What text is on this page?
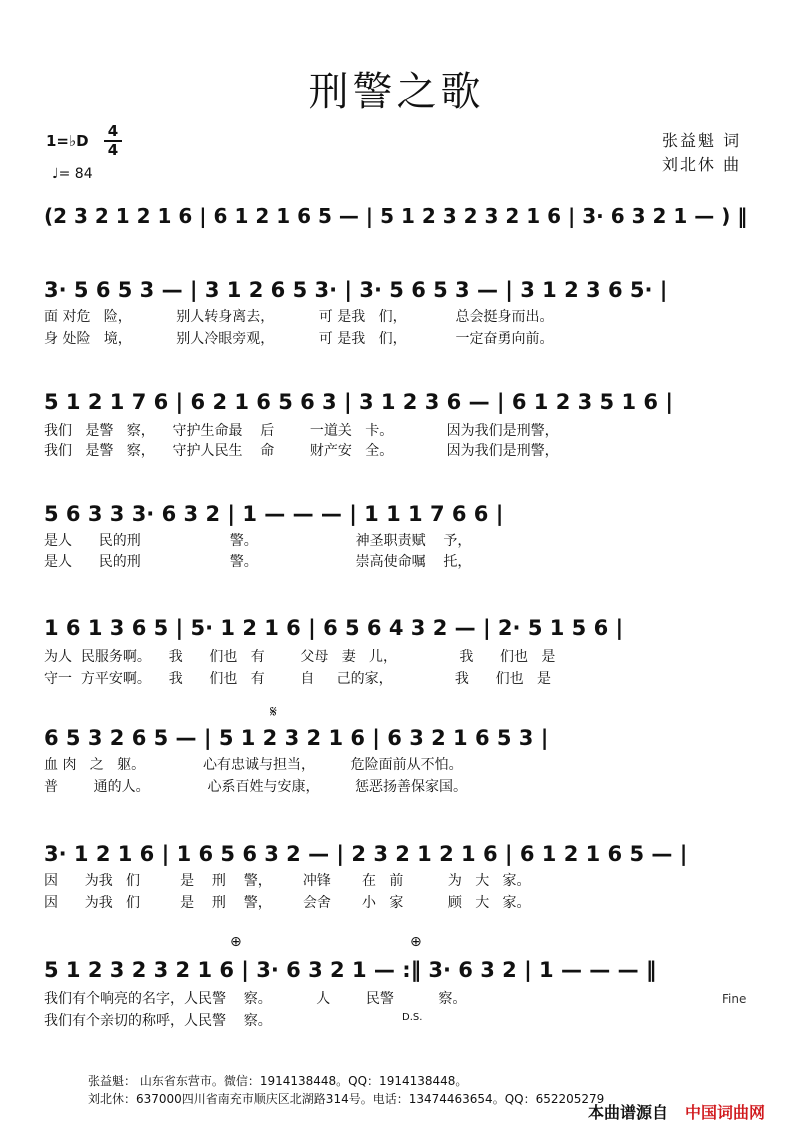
刑警之歌
1=♭D
4
4
♩= 84
张益魁 词
刘北休 曲
(2 3 2 1 2 1 6 | 6 1 2 1 6 5 — | 5 1 2 3 2 3 2 1 6 | 3· 6 3 2 1 — ) ‖
3· 5 6 5 3 — | 3 1 2 6 5 3· | 3· 5 6 5 3 — | 3 1 2 3 6 5· |
面 对危   险，          别人转身离去，          可 是我   们，           总会挺身而出。
身 处险   境，          别人冷眼旁观，          可 是我   们，           一定奋勇向前。
5 1 2 1 7 6 | 6 2 1 6 5 6 3 | 3 1 2 3 6 — | 6 1 2 3 5 1 6 |
我们   是警   察，    守护生命最    后        一道关   卡。            因为我们是刑警，
我们   是警   察，    守护人民生    命        财产安   全。            因为我们是刑警，
5 6 3 3 3· 6 3 2 | 1 — — — | 1 1 1 7 6 6 |
是人      民的刑                    警。                      神圣职责赋    予，
是人      民的刑                    警。                      崇高使命嘱    托，
1 6 1 3 6 5 | 5· 1 2 1 6 | 6 5 6 4 3 2 — | 2· 5 1 5 6 |
为人  民服务啊。    我      们也   有        父母   妻   儿，              我      们也   是
守一  方平安啊。    我      们也   有        自     己的家，              我      们也   是
𝄋
6 5 3 2 6 5 — | 5 1 2 3 2 1 6 | 6 3 2 1 6 5 3 |
血 肉   之   躯。             心有忠诚与担当，        危险面前从不怕。
普        通的人。             心系百姓与安康，        惩恶扬善保家国。
3· 1 2 1 6 | 1 6 5 6 3 2 — | 2 3 2 1 2 1 6 | 6 1 2 1 6 5 — |
因      为我   们         是    刑    警，       冲锋       在   前          为   大   家。
因      为我   们         是    刑    警，       会舍       小   家          顾   大   家。
⊕	⊕
5 1 2 3 2 3 2 1 6 | 3· 6 3 2 1 — :‖ 3· 6 3 2 | 1 — — — ‖
我们有个响亮的名字，人民警    察。          人        民警          察。
我们有个亲切的称呼，人民警    察。	D.S.
Fine
张益魁： 山东省东营市。微信：1914138448。QQ：1914138448。
刘北休：637000四川省南充市顺庆区北湖路314号。电话：13474463654。QQ：652205279
本曲谱源自 中国词曲网
